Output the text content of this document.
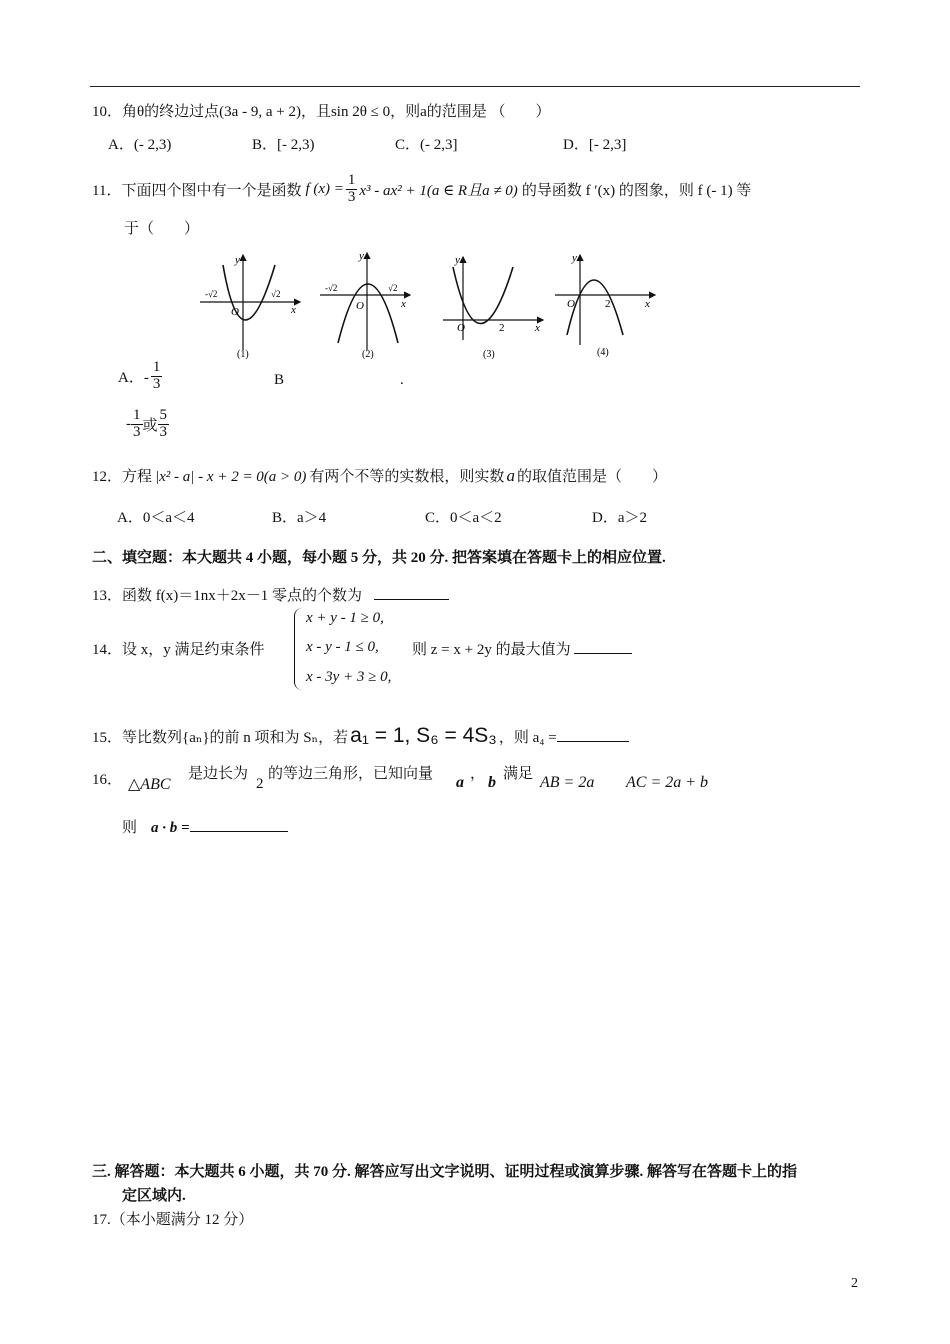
10．角θ的终边过点(3a - 9, a + 2)，且sin 2θ ≤ 0，则a的范围是 （　　）
A．(- 2,3)	B．[- 2,3)	C．(- 2,3]	D．[- 2,3]
11．下面四个图中有一个是函数 f $(x) = \frac{1}{3} x^3 - ax^2 + 1(a$ ∈ R且a ≠ 0) 的导函数 f ′(x) 的图象，则 f (- 1) 等
于（　　）
y
x
O
-√2	√2
(1)
y
x
O
-√2	√2
(2)
y
x
O	2
(3)
y
x
O	2
(4)
A．- $\frac{1}{3}$	B	.
- $\frac{1}{3}$ 或 $\frac{5}{3}$
12．方程 |x² - a| - x + 2 = 0(a > 0) 有两个不等的实数根，则实数 a 的取值范围是（　　）
A．0＜a＜4	B．a＞4	C．0＜a＜2	D．a＞2
二、填空题：本大题共 4 小题，每小题 5 分，共 20 分. 把答案填在答题卡上的相应位置.
13．函数 f(x)＝1nx＋2x－1 零点的个数为
14．设 x，y 满足约束条件
x + y - 1 ≥ 0,
x - y - 1 ≤ 0,
x - 3y + 3 ≥ 0,
则 z = x + 2y 的最大值为
15．等比数列{aₙ}的前 n 项和为 Sₙ，若 a₁ = 1, S₆ = 4S₃ ，则 a₄ =
16． △ABC
是边长为
2
的等边三角形，已知向量 a ， b 满足 AB = 2a AC = 2a + b
则 a · b =
三. 解答题：本大题共 6 小题，共 70 分. 解答应写出文字说明、证明过程或演算步骤. 解答写在答题卡上的指
定区域内.
17.（本小题满分 12 分）
2
